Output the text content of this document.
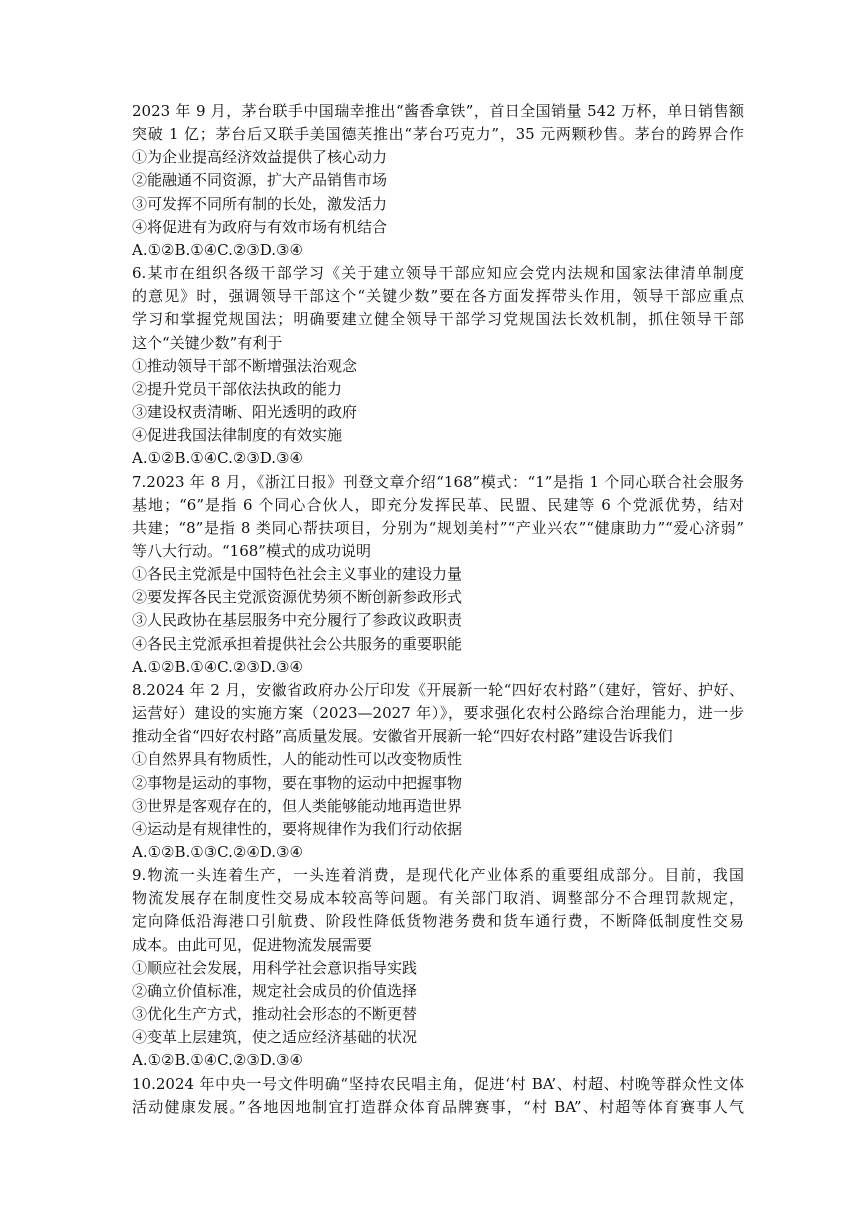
2023 年 9 月，茅台联手中国瑞幸推出“酱香拿铁”，首日全国销量 542 万杯，单日销售额
突破 1 亿；茅台后又联手美国德芙推出“茅台巧克力”，35 元两颗秒售。茅台的跨界合作
①为企业提高经济效益提供了核心动力
②能融通不同资源，扩大产品销售市场
③可发挥不同所有制的长处，激发活力
④将促进有为政府与有效市场有机结合
A.①②B.①④C.②③D.③④
6.某市在组织各级干部学习《关于建立领导干部应知应会党内法规和国家法律清单制度
的意见》时，强调领导干部这个“关键少数”要在各方面发挥带头作用，领导干部应重点
学习和掌握党规国法；明确要建立健全领导干部学习党规国法长效机制，抓住领导干部
这个“关键少数”有利于
①推动领导干部不断增强法治观念
②提升党员干部依法执政的能力
③建设权责清晰、阳光透明的政府
④促进我国法律制度的有效实施
A.①②B.①④C.②③D.③④
7.2023 年 8 月，《浙江日报》刊登文章介绍“168”模式：“1”是指 1 个同心联合社会服务
基地；“6”是指 6 个同心合伙人，即充分发挥民革、民盟、民建等 6 个党派优势，结对
共建；“8”是指 8 类同心帮扶项目，分别为“规划美村”“产业兴农”“健康助力”“爱心济弱”
等八大行动。“168”模式的成功说明
①各民主党派是中国特色社会主义事业的建设力量
②要发挥各民主党派资源优势须不断创新参政形式
③人民政协在基层服务中充分履行了参政议政职责
④各民主党派承担着提供社会公共服务的重要职能
A.①②B.①④C.②③D.③④
8.2024 年 2 月，安徽省政府办公厅印发《开展新一轮“四好农村路”（建好，管好、护好、
运营好）建设的实施方案（2023—2027 年）》，要求强化农村公路综合治理能力，进一步
推动全省“四好农村路”高质量发展。安徽省开展新一轮“四好农村路”建设告诉我们
①自然界具有物质性，人的能动性可以改变物质性
②事物是运动的事物，要在事物的运动中把握事物
③世界是客观存在的，但人类能够能动地再造世界
④运动是有规律性的，要将规律作为我们行动依据
A.①②B.①③C.②④D.③④
9.物流一头连着生产，一头连着消费，是现代化产业体系的重要组成部分。目前，我国
物流发展存在制度性交易成本较高等问题。有关部门取消、调整部分不合理罚款规定，
定向降低沿海港口引航费、阶段性降低货物港务费和货车通行费，不断降低制度性交易
成本。由此可见，促进物流发展需要
①顺应社会发展，用科学社会意识指导实践
②确立价值标准，规定社会成员的价值选择
③优化生产方式，推动社会形态的不断更替
④变革上层建筑，使之适应经济基础的状况
A.①②B.①④C.②③D.③④
10.2024 年中央一号文件明确“坚持农民唱主角，促进‘村 BA’、村超、村晚等群众性文体
活动健康发展。”各地因地制宜打造群众体育品牌赛事，“村 BA”、村超等体育赛事人气
